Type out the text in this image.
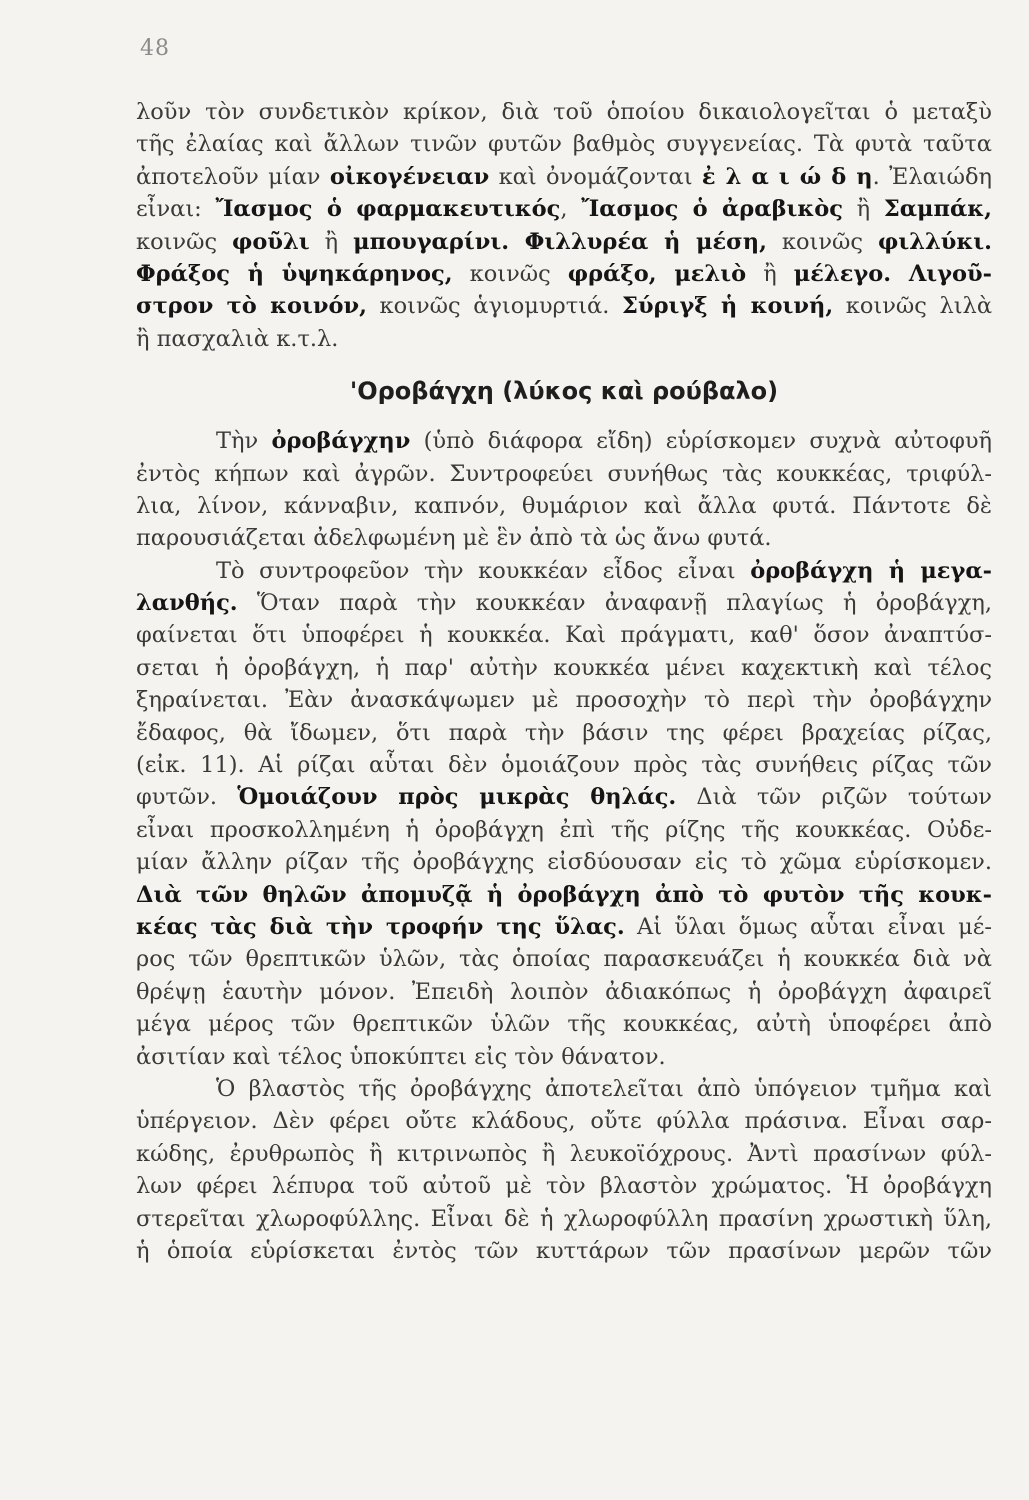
48
λοῦν τὸν συνδετικὸν κρίκον, διὰ τοῦ ὁποίου δικαιολογεῖται ὁ μεταξὺ
τῆς ἐλαίας καὶ ἄλλων τινῶν φυτῶν βαθμὸς συγγενείας. Τὰ φυτὰ ταῦτα
ἀποτελοῦν μίαν οἰκογένειαν καὶ ὀνομάζονται ἐ λ α ι ώ δ η. Ἐλαιώδη
εἶναι: Ἴασμος ὁ φαρμακευτικός, Ἴασμος ὁ ἀραβικὸς ἢ Σαμπάκ,
κοινῶς φοῦλι ἢ μπουγαρίνι. Φιλλυρέα ἡ μέση, κοινῶς φιλλύκι.
Φράξος ἡ ὑψηκάρηνος, κοινῶς φράξο, μελιὸ ἢ μέλεγο. Λιγοῦ-
στρον τὸ κοινόν, κοινῶς ἁγιομυρτιά. Σύριγξ ἡ κοινή, κοινῶς λιλὰ
ἢ πασχαλιὰ κ.τ.λ.
'Οροβάγχη (λύκος καὶ ρούβαλο)
Τὴν ὀροβάγχην (ὑπὸ διάφορα εἴδη) εὑρίσκομεν συχνὰ αὐτοφυῆ
ἐντὸς κήπων καὶ ἀγρῶν. Συντροφεύει συνήθως τὰς κουκκέας, τριφύλ-
λια, λίνον, κάνναβιν, καπνόν, θυμάριον καὶ ἄλλα φυτά. Πάντοτε δὲ
παρουσιάζεται ἀδελφωμένη μὲ ἓν ἀπὸ τὰ ὡς ἄνω φυτά.
Τὸ συντροφεῦον τὴν κουκκέαν εἶδος εἶναι ὀροβάγχη ἡ μεγα-
λανθής. Ὅταν παρὰ τὴν κουκκέαν ἀναφανῇ πλαγίως ἡ ὀροβάγχη,
φαίνεται ὅτι ὑποφέρει ἡ κουκκέα. Καὶ πράγματι, καθ' ὅσον ἀναπτύσ-
σεται ἡ ὀροβάγχη, ἡ παρ' αὐτὴν κουκκέα μένει καχεκτικὴ καὶ τέλος
ξηραίνεται. Ἐὰν ἀνασκάψωμεν μὲ προσοχὴν τὸ περὶ τὴν ὀροβάγχην
ἔδαφος, θὰ ἴδωμεν, ὅτι παρὰ τὴν βάσιν της φέρει βραχείας ρίζας,
(εἰκ. 11). Αἱ ρίζαι αὗται δὲν ὁμοιάζουν πρὸς τὰς συνήθεις ρίζας τῶν
φυτῶν. Ὁμοιάζουν πρὸς μικρὰς θηλάς. Διὰ τῶν ριζῶν τούτων
εἶναι προσκολλημένη ἡ ὀροβάγχη ἐπὶ τῆς ρίζης τῆς κουκκέας. Οὐδε-
μίαν ἄλλην ρίζαν τῆς ὀροβάγχης εἰσδύουσαν εἰς τὸ χῶμα εὑρίσκομεν.
Διὰ τῶν θηλῶν ἀπομυζᾷ ἡ ὀροβάγχη ἀπὸ τὸ φυτὸν τῆς κουκ-
κέας τὰς διὰ τὴν τροφήν της ὕλας. Αἱ ὕλαι ὅμως αὗται εἶναι μέ-
ρος τῶν θρεπτικῶν ὑλῶν, τὰς ὁποίας παρασκευάζει ἡ κουκκέα διὰ νὰ
θρέψῃ ἑαυτὴν μόνον. Ἐπειδὴ λοιπὸν ἀδιακόπως ἡ ὀροβάγχη ἀφαιρεῖ
μέγα μέρος τῶν θρεπτικῶν ὑλῶν τῆς κουκκέας, αὐτὴ ὑποφέρει ἀπὸ
ἀσιτίαν καὶ τέλος ὑποκύπτει εἰς τὸν θάνατον.
Ὁ βλαστὸς τῆς ὀροβάγχης ἀποτελεῖται ἀπὸ ὑπόγειον τμῆμα καὶ
ὑπέργειον. Δὲν φέρει οὔτε κλάδους, οὔτε φύλλα πράσινα. Εἶναι σαρ-
κώδης, ἐρυθρωπὸς ἢ κιτρινωπὸς ἢ λευκοϊόχρους. Ἀντὶ πρασίνων φύλ-
λων φέρει λέπυρα τοῦ αὐτοῦ μὲ τὸν βλαστὸν χρώματος. Ἡ ὀροβάγχη
στερεῖται χλωροφύλλης. Εἶναι δὲ ἡ χλωροφύλλη πρασίνη χρωστικὴ ὕλη,
ἡ ὁποία εὑρίσκεται ἐντὸς τῶν κυττάρων τῶν πρασίνων μερῶν τῶν
